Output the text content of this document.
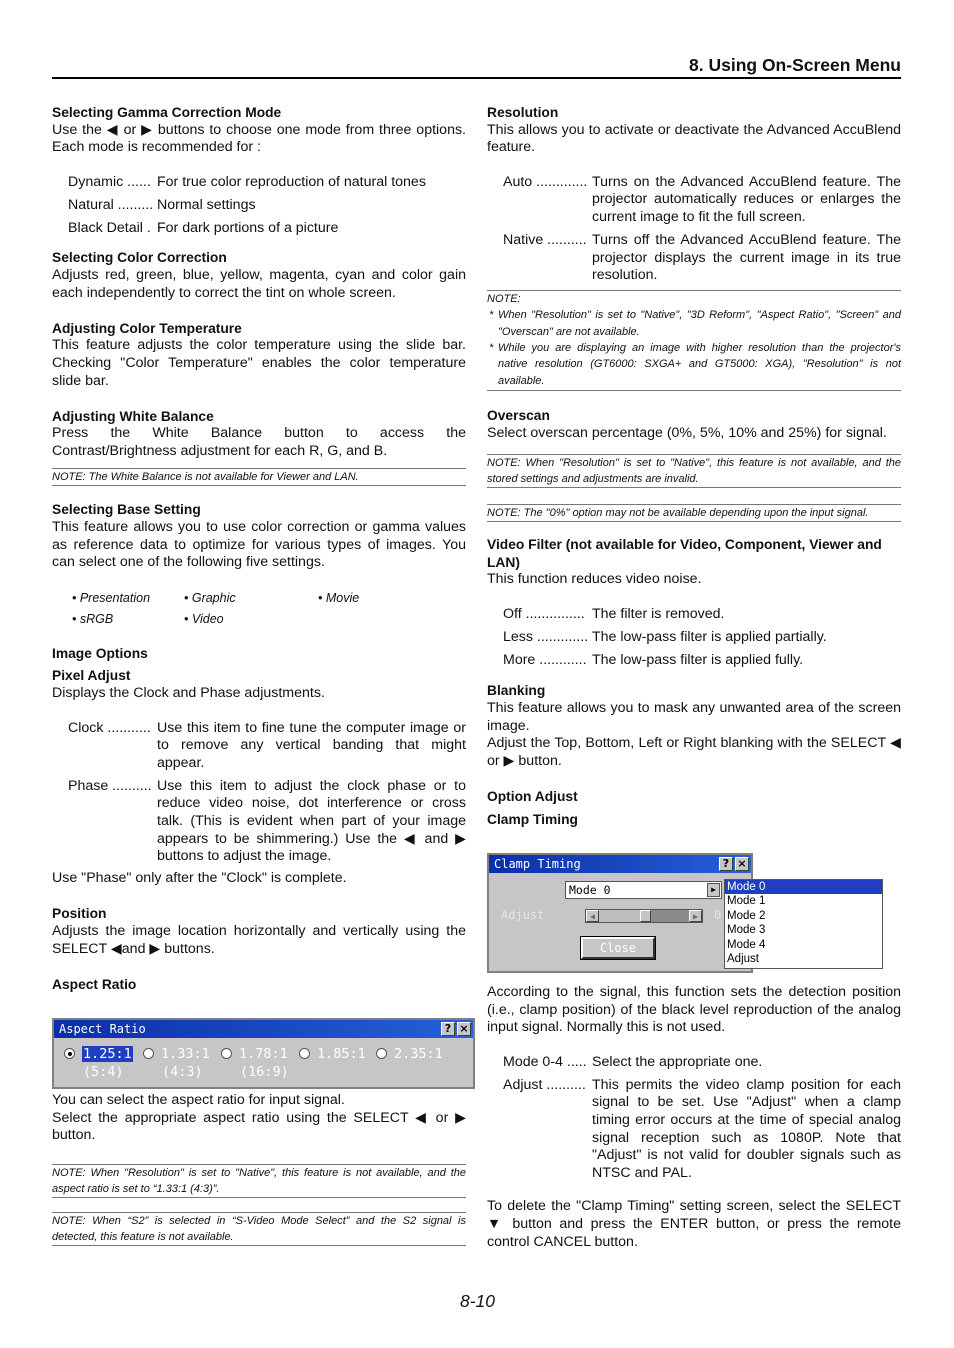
8. Using On-Screen Menu
Selecting Gamma Correction Mode
Use the ◀ or ▶ buttons to choose one mode from three options. Each mode is recommended for :
Dynamic ...... For true color reproduction of natural tones
Natural ......... Normal settings
Black Detail . For dark portions of a picture
Selecting Color Correction
Adjusts red, green, blue, yellow, magenta, cyan and color gain each independently to correct the tint on whole screen.
Adjusting Color Temperature
This feature adjusts the color temperature using the slide bar. Checking "Color Temperature" enables the color temperature slide bar.
Adjusting White Balance
Press the White Balance button to access the Contrast/Brightness adjustment for each R, G, and B.
NOTE: The White Balance is not available for Viewer and LAN.
Selecting Base Setting
This feature allows you to use color correction or gamma values as reference data to optimize for various types of images. You can select one of the following five settings.
• Presentation	• Graphic	• Movie
• sRGB	• Video
Image Options
Pixel Adjust
Displays the Clock and Phase adjustments.
Clock ........... Use this item to fine tune the computer image or to remove any vertical banding that might appear.
Phase .......... Use this item to adjust the clock phase or to reduce video noise, dot interference or cross talk. (This is evident when part of your image appears to be shimmering.) Use the ◀ and ▶ buttons to adjust the image.
Use "Phase" only after the "Clock" is complete.
Position
Adjusts the image location horizontally and vertically using the SELECT ◀and ▶ buttons.
Aspect Ratio
Aspect Ratio	? ×
1.25:1
(5:4)
1.33:1
(4:3)
1.78:1
(16:9)
1.85:1	2.35:1
You can select the aspect ratio for input signal.
Select the appropriate aspect ratio using the SELECT ◀ or ▶ button.
NOTE: When "Resolution" is set to "Native", this feature is not available, and the aspect ratio is set to “1.33:1 (4:3)”.
NOTE: When “S2” is selected in “S-Video Mode Select” and the S2 signal is detected, this feature is not available.
Resolution
This allows you to activate or deactivate the Advanced AccuBlend feature.
Auto ............. Turns on the Advanced AccuBlend feature. The projector automatically reduces or enlarges the current image to fit the full screen.
Native .......... Turns off the Advanced AccuBlend feature. The projector displays the current image in its true resolution.
NOTE:
* When "Resolution" is set to "Native", "3D Reform", "Aspect Ratio", "Screen" and "Overscan" are not available.
* While you are displaying an image with higher resolution than the projector's native resolution (GT6000: SXGA+ and GT5000: XGA), "Resolution" is not available.
Overscan
Select overscan percentage (0%, 5%, 10% and 25%) for signal.
NOTE: When "Resolution" is set to "Native", this feature is not available, and the stored settings and adjustments are invalid.
NOTE: The "0%" option may not be available depending upon the input signal.
Video Filter (not available for Video, Component, Viewer and LAN)
This function reduces video noise.
Off ............... The filter is removed.
Less ............. The low-pass filter is applied partially.
More ............ The low-pass filter is applied fully.
Blanking
This feature allows you to mask any unwanted area of the screen image.
Adjust the Top, Bottom, Left or Right blanking with the SELECT ◀ or ▶ button.
Option Adjust
Clamp Timing
Clamp Timing	? ×
Mode 0	▶
Adjust	◀	▶	0
Close
Mode 0
Mode 1
Mode 2
Mode 3
Mode 4
Adjust
According to the signal, this function sets the detection position (i.e., clamp position) of the black level reproduction of the analog input signal. Normally this is not used.
Mode 0-4 ..... Select the appropriate one.
Adjust .......... This permits the video clamp position for each signal to be set. Use "Adjust" when a clamp timing error occurs at the time of special analog signal reception such as 1080P. Note that "Adjust" is not valid for doubler signals such as NTSC and PAL.
To delete the "Clamp Timing" setting screen, select the SELECT ▼ button and press the ENTER button, or press the remote control CANCEL button.
8-10
